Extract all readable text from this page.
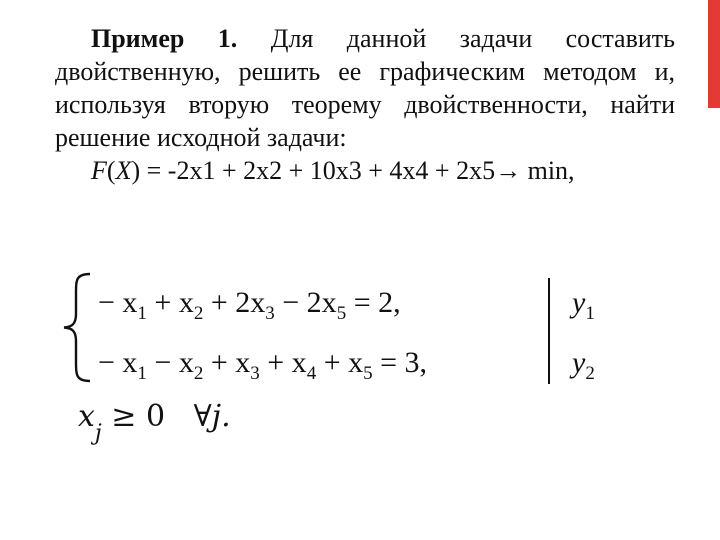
Пример 1. Для данной задачи составить двойственную, решить ее графическим методом и, используя вторую теорему двойственности, найти решение исходной задачи:

F(X) = -2x1 + 2x2 + 10x3 + 4x4 + 2x5→ min,

− $x_1 + x_2 + 2x_3 - 2x_5 = 2$,
− $x_1 - x_2 + x_3 + x_4 + x_5 = 3$,
$y_1$
$y_2$
$x_j \ge 0$   ∀j.
